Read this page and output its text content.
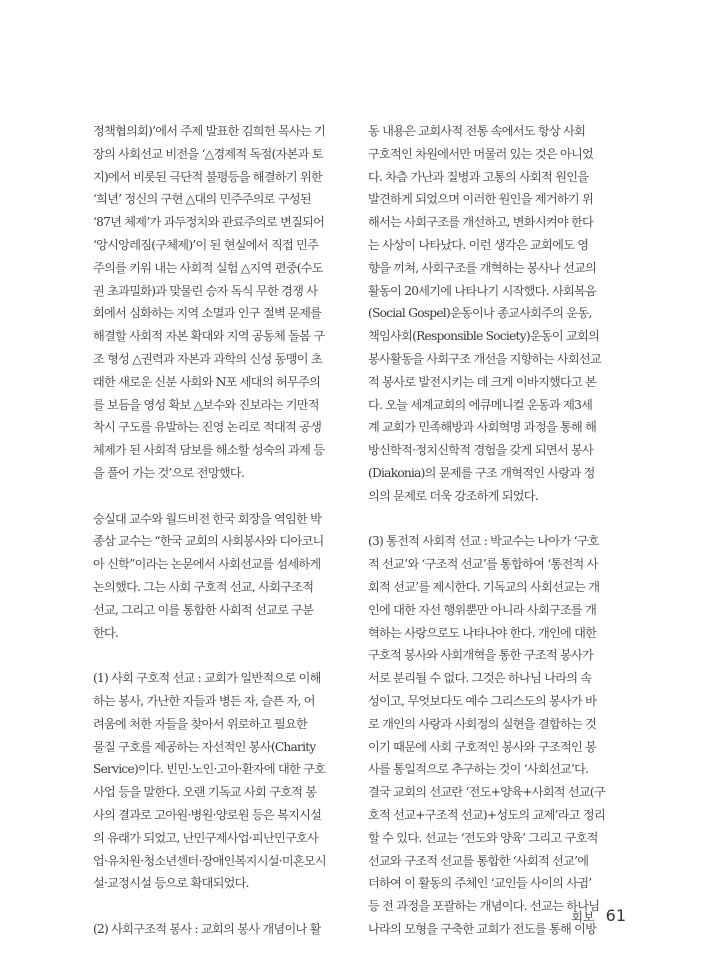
정책협의회)’에서 주제 발표한 김희헌 목사는 기
장의 사회선교 비전을 ‘△경제적 독점(자본과 토
지)에서 비롯된 극단적 불평등을 해결하기 위한
‘희년’ 정신의 구현 △대의 민주주의로 구성된
‘87년 체제’가 과두정치와 관료주의로 변질되어
‘앙시앙레짐(구체제)’이 된 현실에서 직접 민주
주의를 키워 내는 사회적 실험 △지역 편중(수도
권 초과밀화)과 맞물린 승자 독식 무한 경쟁 사
회에서 심화하는 지역 소멸과 인구 절벽 문제를
해결할 사회적 자본 확대와 지역 공동체 돌봄 구
조 형성 △권력과 자본과 과학의 신성 동맹이 초
래한 새로운 신분 사회와 N포 세대의 허무주의
를 보듬을 영성 확보 △보수와 진보라는 기만적
착시 구도를 유발하는 진영 논리로 적대적 공생
체제가 된 사회적 담보를 해소할 성숙의 과제 등
을 풀어 가는 것’으로 전망했다.
숭실대 교수와 월드비전 한국 회장을 역임한 박
종삼 교수는 “한국 교회의 사회봉사와 디아코니
아 신학”이라는 논문에서 사회선교를 섬세하게
논의했다. 그는 사회 구호적 선교, 사회구조적
선교, 그리고 이를 통합한 사회적 선교로 구분
한다.
(1) 사회 구호적 선교 : 교회가 일반적으로 이해
하는 봉사, 가난한 자들과 병든 자, 슬픈 자, 어
려움에 처한 자들을 찾아서 위로하고 필요한
물질 구호를 제공하는 자선적인 봉사(Charity
Service)이다. 빈민·노인·고아·환자에 대한 구호
사업 등을 말한다. 오랜 기독교 사회 구호적 봉
사의 결과로 고아원·병원·양로원 등은 복지시설
의 유래가 되었고, 난민구제사업·피난민구호사
업·유치원·청소년센터·장애인복지시설·미혼모시
설·교정시설 등으로 확대되었다.
(2) 사회구조적 봉사 : 교회의 봉사 개념이나 활
동 내용은 교회사적 전통 속에서도 항상 사회
구호적인 차원에서만 머물러 있는 것은 아니었
다. 차츰 가난과 질병과 고통의 사회적 원인을
발견하게 되었으며 이러한 원인을 제거하기 위
해서는 사회구조를 개선하고, 변화시켜야 한다
는 사상이 나타났다. 이런 생각은 교회에도 영
향을 끼쳐, 사회구조를 개혁하는 봉사나 선교의
활동이 20세기에 나타나기 시작했다. 사회복음
(Social Gospel)운동이나 종교사회주의 운동,
책임사회(Responsible Society)운동이 교회의
봉사활동을 사회구조 개선을 지향하는 사회선교
적 봉사로 발전시키는 데 크게 이바지했다고 본
다. 오늘 세계교회의 에큐메니컬 운동과 제3세
계 교회가 민족해방과 사회혁명 과정을 통해 해
방신학적·정치신학적 경험을 갖게 되면서 봉사
(Diakonia)의 문제를 구조 개혁적인 사랑과 정
의의 문제로 더욱 강조하게 되었다.
(3) 통전적 사회적 선교 : 박교수는 나아가 ‘구호
적 선교’와 ‘구조적 선교’를 통합하여 ‘통전적 사
회적 선교’를 제시한다. 기독교의 사회선교는 개
인에 대한 자선 행위뿐만 아니라 사회구조를 개
혁하는 사랑으로도 나타나야 한다. 개인에 대한
구호적 봉사와 사회개혁을 통한 구조적 봉사가
서로 분리될 수 없다. 그것은 하나님 나라의 속
성이고, 무엇보다도 예수 그리스도의 봉사가 바
로 개인의 사랑과 사회정의 실현을 결합하는 것
이기 때문에 사회 구호적인 봉사와 구조적인 봉
사를 통일적으로 추구하는 것이 ‘사회선교’다.
결국 교회의 선교란 ‘전도+양육+사회적 선교(구
호적 선교+구조적 선교)+성도의 교제’라고 정리
할 수 있다. 선교는 ‘전도와 양육’ 그리고 구호적
선교와 구조적 선교를 통합한 ‘사회적 선교’에
더하여 이 활동의 주체인 ‘교인들 사이의 사귐’
등 전 과정을 포괄하는 개념이다. 선교는 하나님
나라의 모형을 구축한 교회가 전도를 통해 이방
회보 61
